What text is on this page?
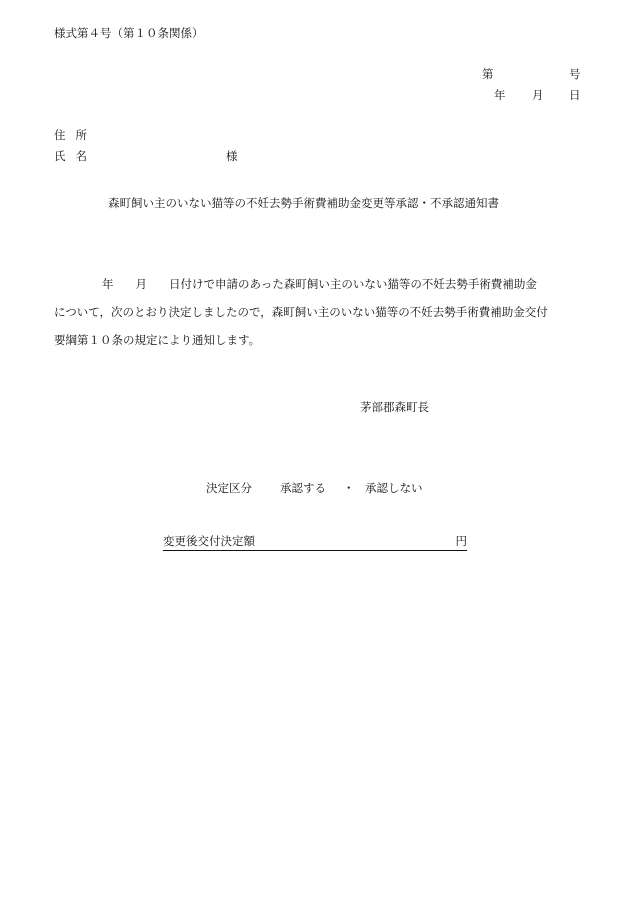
様式第４号（第１０条関係）
第	号
年 月 日
住所
氏名	様
森町飼い主のいない猫等の不妊去勢手術費補助金変更等承認・不承認通知書
年 月 日付けで申請のあった森町飼い主のいない猫等の不妊去勢手術費補助金
について，次のとおり決定しましたので，森町飼い主のいない猫等の不妊去勢手術費補助金交付
要綱第１０条の規定により通知します。
茅部郡森町長
決定区分 承認する ・ 承認しない
変更後交付決定額	円
